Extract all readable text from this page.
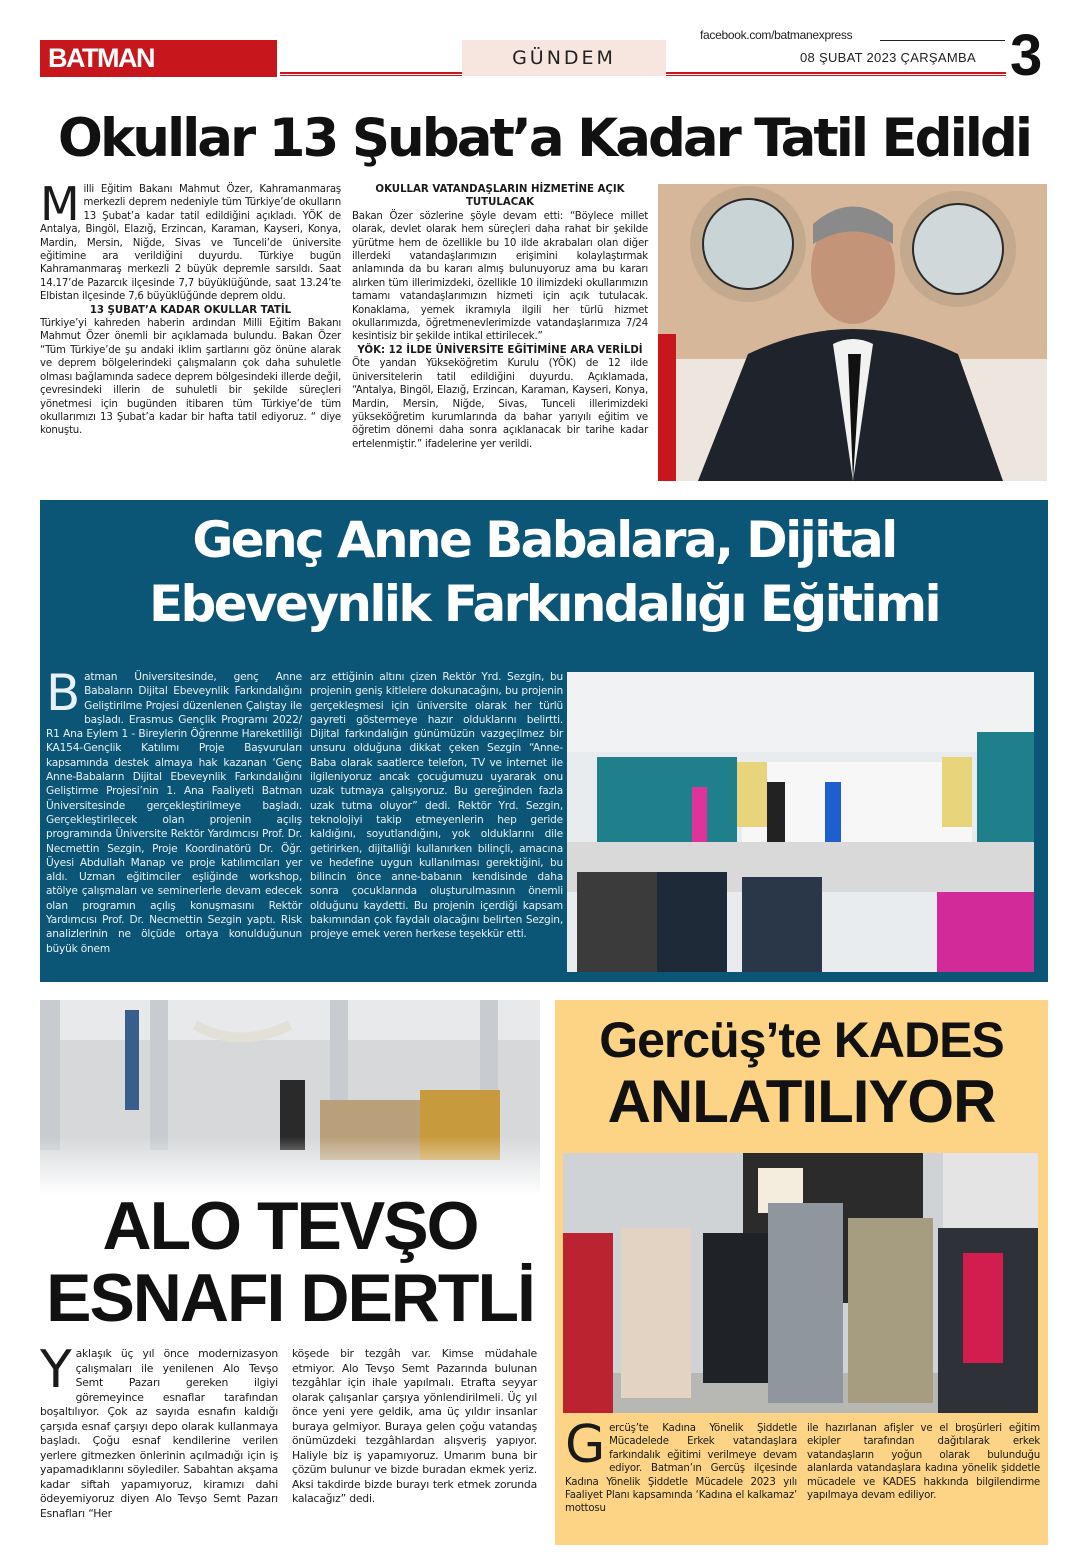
BATMAN EXPRESS
GÜNDEM
facebook.com/batmanexpress
08 ŞUBAT 2023 ÇARŞAMBA 3
Okullar 13 Şubat’a Kadar Tatil Edildi
M illi Eğitim Bakanı Mahmut Özer, Kahramanmaraş merkezli deprem nedeniyle tüm Türkiye’de okulların 13 Şubat’a kadar tatil edildiğini açıkladı. YÖK de Antalya, Bingöl, Elazığ, Erzincan, Karaman, Kayseri, Konya, Mardin, Mersin, Niğde, Sivas ve Tunceli’de üniversite eğitimine ara verildiğini duyurdu. Türkiye bugün Kahramanmaraş merkezli 2 büyük depremle sarsıldı. Saat 14.17’de Pazarcık ilçesinde 7,7 büyüklüğünde, saat 13.24’te Elbistan ilçesinde 7,6 büyüklüğünde deprem oldu.
13 ŞUBAT’A KADAR OKULLAR TATİL
Türkiye’yi kahreden haberin ardından Milli Eğitim Bakanı Mahmut Özer önemli bir açıklamada bulundu. Bakan Özer “Tüm Türkiye’de şu andaki iklim şartlarını göz önüne alarak ve deprem bölgelerindeki çalışmaların çok daha suhuletle olması bağlamında sadece deprem bölgesindeki illerde değil, çevresindeki illerin de suhuletli bir şekilde süreçleri yönetmesi için bugünden itibaren tüm Türkiye’de tüm okullarımızı 13 Şubat’a kadar bir hafta tatil ediyoruz. “ diye konuştu.
OKULLAR VATANDAŞLARIN HİZMETİNE AÇIK TUTULACAK
Bakan Özer sözlerine şöyle devam etti: “Böylece millet olarak, devlet olarak hem süreçleri daha rahat bir şekilde yürütme hem de özellikle bu 10 ilde akrabaları olan diğer illerdeki vatandaşlarımızın erişimini kolaylaştırmak anlamında da bu kararı almış bulunuyoruz ama bu kararı alırken tüm illerimizdeki, özellikle 10 ilimizdeki okullarımızın tamamı vatandaşlarımızın hizmeti için açık tutulacak. Konaklama, yemek ikramıyla ilgili her türlü hizmet okullarımızda, öğretmenevlerimizde vatandaşlarımıza 7/24 kesintisiz bir şekilde intikal ettirilecek.”
YÖK: 12 İLDE ÜNİVERSİTE EĞİTİMİNE ARA VERİLDİ
Öte yandan Yükseköğretim Kurulu (YÖK) de 12 ilde üniversitelerin tatil edildiğini duyurdu. Açıklamada, “Antalya, Bingöl, Elazığ, Erzincan, Karaman, Kayseri, Konya, Mardin, Mersin, Niğde, Sivas, Tunceli illerimizdeki yükseköğretim kurumlarında da bahar yarıyılı eğitim ve öğretim dönemi daha sonra açıklanacak bir tarihe kadar ertelenmiştir.” ifadelerine yer verildi.
Genç Anne Babalara, Dijital
Ebeveynlik Farkındalığı Eğitimi
B atman Üniversitesinde, genç Anne Babaların Dijital Ebeveynlik Farkındalığını Geliştirilme Projesi düzenlenen Çalıştay ile başladı. Erasmus Gençlik Programı 2022/ R1 Ana Eylem 1 - Bireylerin Öğrenme Hareketliliği KA154-Gençlik Katılımı Proje Başvuruları kapsamında destek almaya hak kazanan ‘Genç Anne-Babaların Dijital Ebeveynlik Farkındalığını Geliştirme Projesi’nin 1. Ana Faaliyeti Batman Üniversitesinde gerçekleştirilmeye başladı. Gerçekleştirilecek olan projenin açılış programında Üniversite Rektör Yardımcısı Prof. Dr. Necmettin Sezgin, Proje Koordinatörü Dr. Öğr. Üyesi Abdullah Manap ve proje katılımcıları yer aldı. Uzman eğitimciler eşliğinde workshop, atölye çalışmaları ve seminerlerle devam edecek olan programın açılış konuşmasını Rektör Yardımcısı Prof. Dr. Necmettin Sezgin yaptı. Risk analizlerinin ne ölçüde ortaya konulduğunun büyük önem
arz ettiğinin altını çizen Rektör Yrd. Sezgin, bu projenin geniş kitlelere dokunacağını, bu projenin gerçekleşmesi için üniversite olarak her türlü gayreti göstermeye hazır olduklarını belirtti. Dijital farkındalığın günümüzün vazgeçilmez bir unsuru olduğuna dikkat çeken Sezgin “Anne-Baba olarak saatlerce telefon, TV ve internet ile ilgileniyoruz ancak çocuğumuzu uyararak onu uzak tutmaya çalışıyoruz. Bu gereğinden fazla uzak tutma oluyor” dedi. Rektör Yrd. Sezgin, teknolojiyi takip etmeyenlerin hep geride kaldığını, soyutlandığını, yok olduklarını dile getirirken, dijitalliği kullanırken bilinçli, amacına ve hedefine uygun kullanılması gerektiğini, bu bilincin önce anne-babanın kendisinde daha sonra çocuklarında oluşturulmasının önemli olduğunu kaydetti. Bu projenin içerdiği kapsam bakımından çok faydalı olacağını belirten Sezgin, projeye emek veren herkese teşekkür etti.
ALO TEVŞO
ESNAFI DERTLİ
Y aklaşık üç yıl önce modernizasyon çalışmaları ile yenilenen Alo Tevşo Semt Pazarı gereken ilgiyi göremeyince esnaflar tarafından boşaltılıyor. Çok az sayıda esnafın kaldığı çarşıda esnaf çarşıyı depo olarak kullanmaya başladı. Çoğu esnaf kendilerine verilen yerlere gitmezken önlerinin açılmadığı için iş yapamadıklarını söylediler. Sabahtan akşama kadar siftah yapamıyoruz, kiramızı dahi ödeyemiyoruz diyen Alo Tevşo Semt Pazarı Esnafları “Her
köşede bir tezgâh var. Kimse müdahale etmiyor. Alo Tevşo Semt Pazarında bulunan tezgâhlar için ihale yapılmalı. Etrafta seyyar olarak çalışanlar çarşıya yönlendirilmeli. Üç yıl önce yeni yere geldik, ama üç yıldır insanlar buraya gelmiyor. Buraya gelen çoğu vatandaş önümüzdeki tezgâhlardan alışveriş yapıyor. Haliyle biz iş yapamıyoruz. Umarım buna bir çözüm bulunur ve bizde buradan ekmek yeriz. Aksi takdirde bizde burayı terk etmek zorunda kalacağız” dedi.
Gercüş’te KADES
ANLATILIYOR
G ercüş’te Kadına Yönelik Şiddetle Mücadelede Erkek vatandaşlara farkındalık eğitimi verilmeye devam ediyor. Batman’ın Gercüş ilçesinde Kadına Yönelik Şiddetle Mücadele 2023 yılı Faaliyet Planı kapsamında ‘Kadına el kalkamaz’ mottosu
ile hazırlanan afişler ve el broşürleri eğitim ekipler tarafından dağıtılarak erkek vatandaşların yoğun olarak bulunduğu alanlarda vatandaşlara kadına yönelik şiddetle mücadele ve KADES hakkında bilgilendirme yapılmaya devam ediliyor.
